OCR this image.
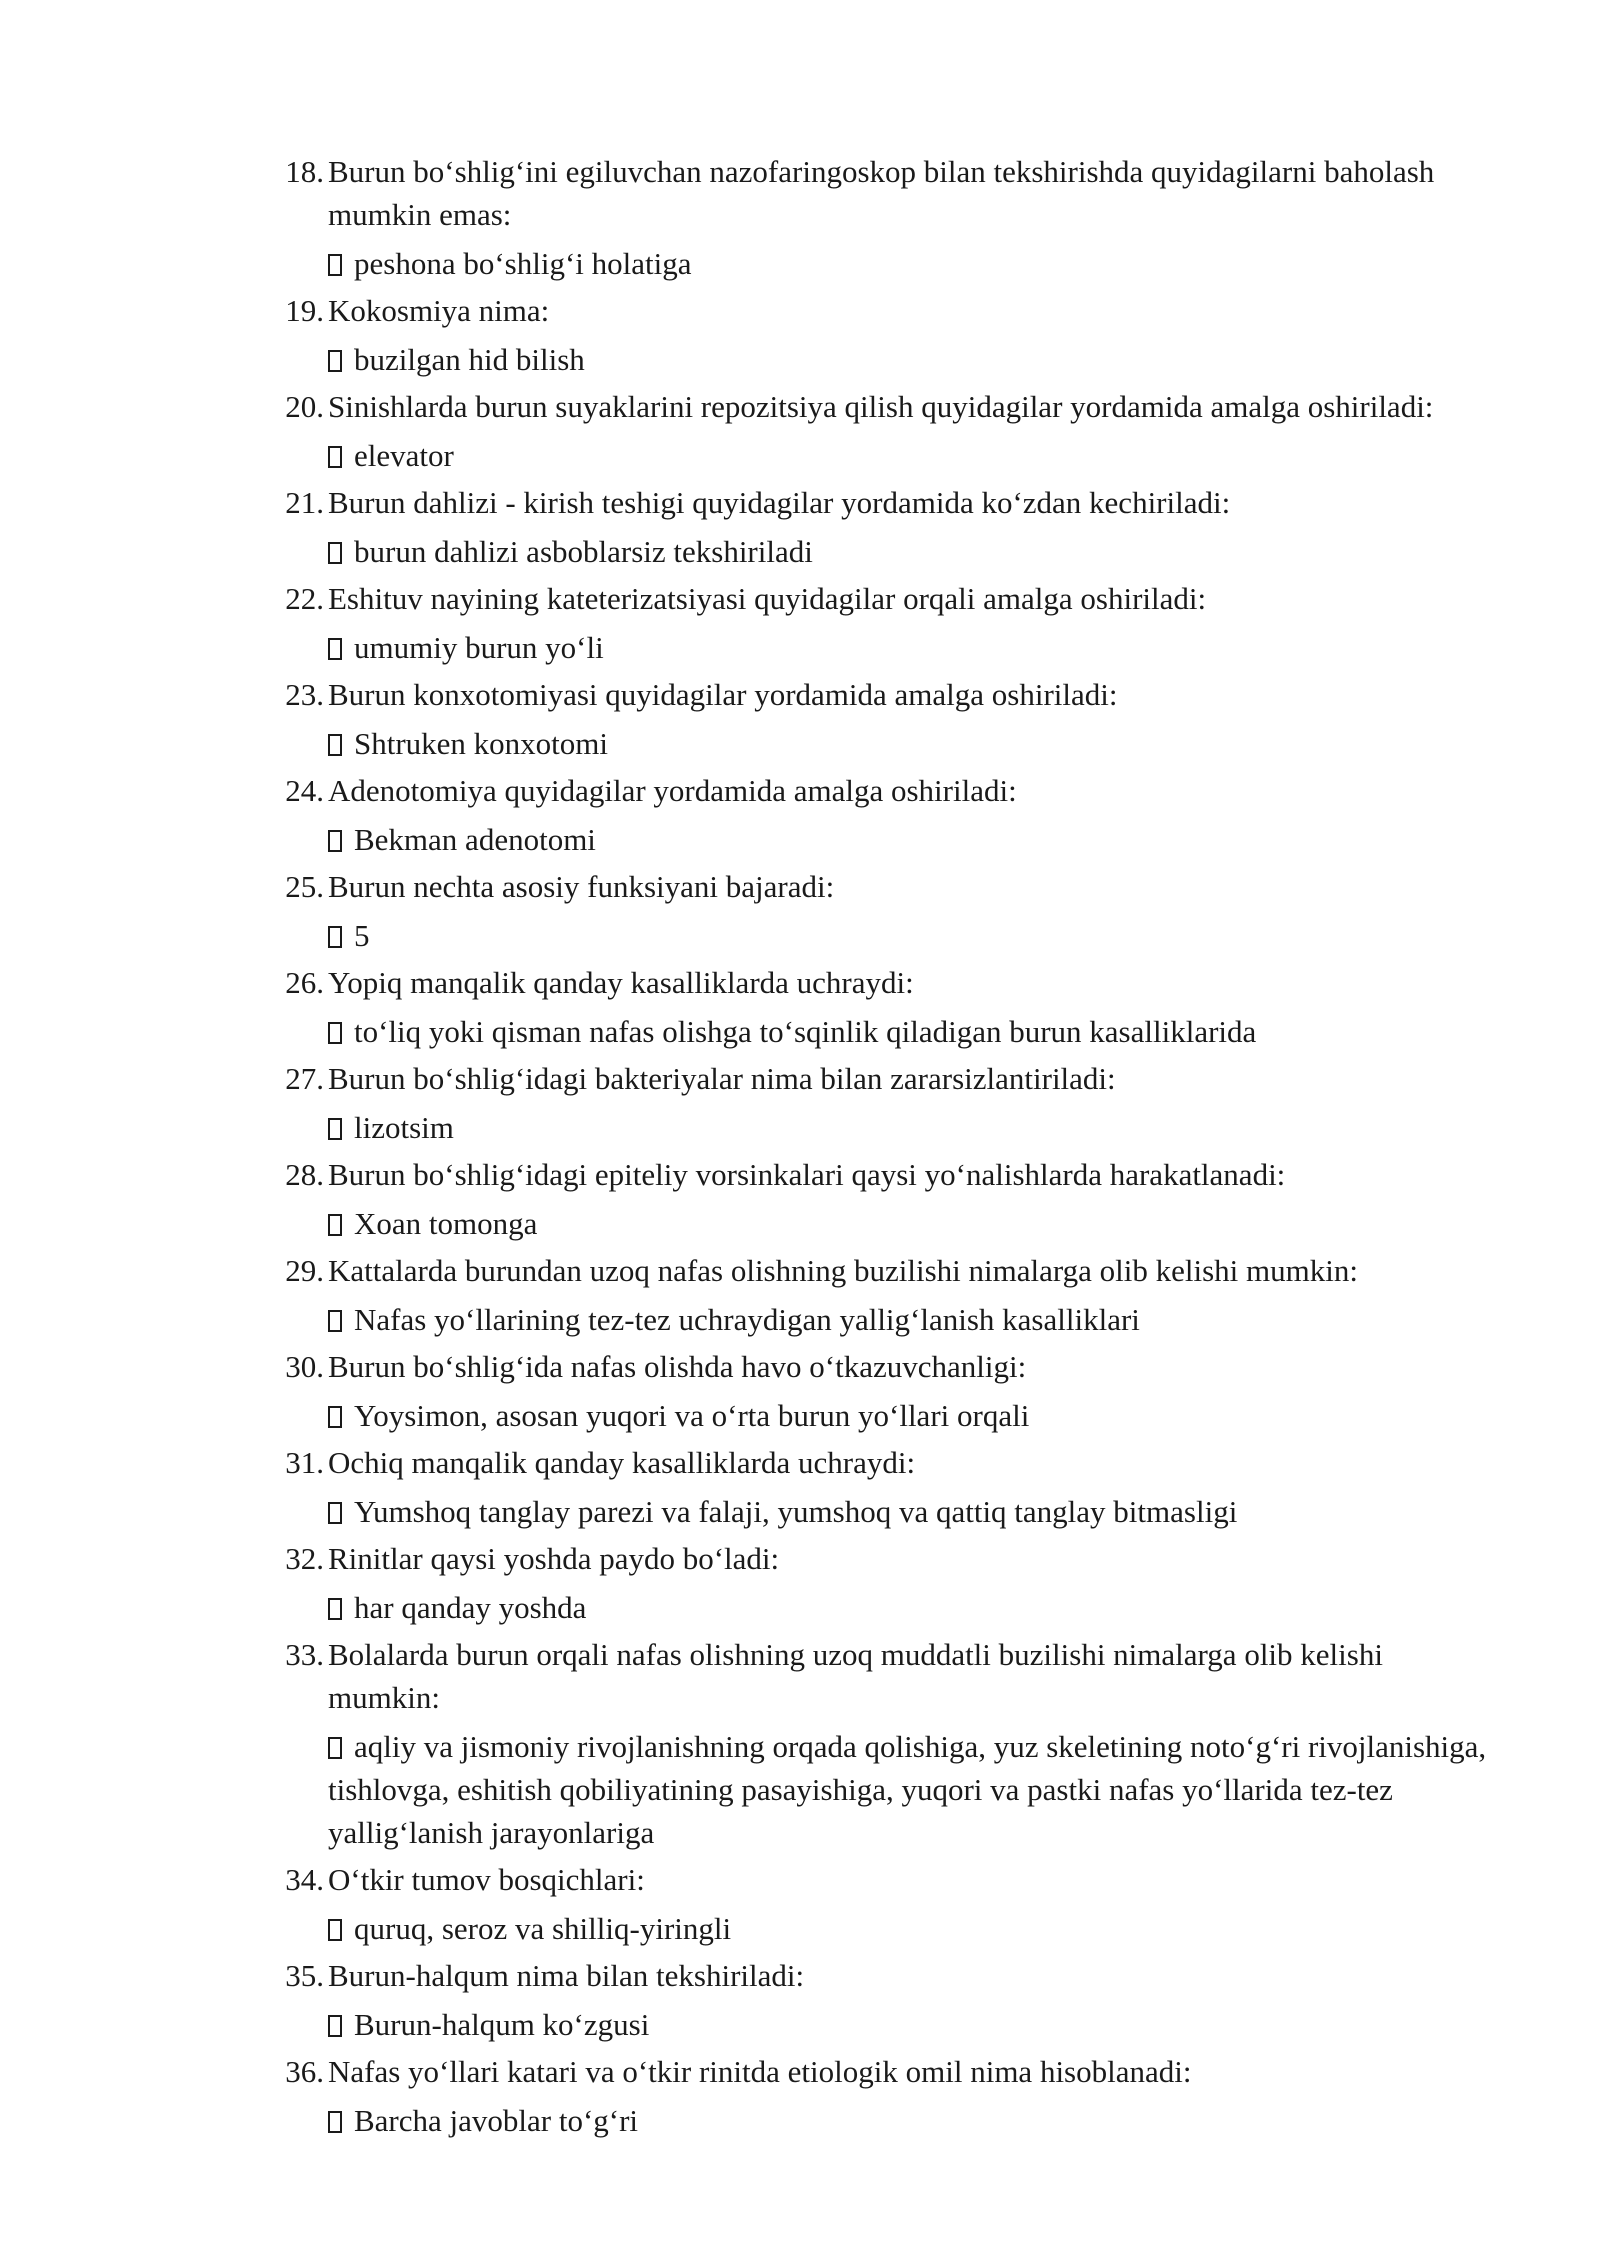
18. Burun bo‘shlig‘ini egiluvchan nazofaringoskop bilan tekshirishda quyidagilarni baholash mumkin emas:
peshona bo‘shlig‘i holatiga
19. Kokosmiya nima:
buzilgan hid bilish
20. Sinishlarda burun suyaklarini repozitsiya qilish quyidagilar yordamida amalga oshiriladi:
elevator
21. Burun dahlizi - kirish teshigi quyidagilar yordamida ko‘zdan kechiriladi:
burun dahlizi asboblarsiz tekshiriladi
22. Eshituv nayining kateterizatsiyasi quyidagilar orqali amalga oshiriladi:
umumiy burun yo‘li
23. Burun konxotomiyasi quyidagilar yordamida amalga oshiriladi:
Shtruken konxotomi
24. Adenotomiya quyidagilar yordamida amalga oshiriladi:
Bekman adenotomi
25. Burun nechta asosiy funksiyani bajaradi:
5
26. Yopiq manqalik qanday kasalliklarda uchraydi:
to‘liq yoki qisman nafas olishga to‘sqinlik qiladigan burun kasalliklarida
27. Burun bo‘shlig‘idagi bakteriyalar nima bilan zararsizlantiriladi:
lizotsim
28. Burun bo‘shlig‘idagi epiteliy vorsinkalari qaysi yo‘nalishlarda harakatlanadi:
Xoan tomonga
29. Kattalarda burundan uzoq nafas olishning buzilishi nimalarga olib kelishi mumkin:
Nafas yo‘llarining tez-tez uchraydigan yallig‘lanish kasalliklari
30. Burun bo‘shlig‘ida nafas olishda havo o‘tkazuvchanligi:
Yoysimon, asosan yuqori va o‘rta burun yo‘llari orqali
31. Ochiq manqalik qanday kasalliklarda uchraydi:
Yumshoq tanglay parezi va falaji, yumshoq va qattiq tanglay bitmasligi
32. Rinitlar qaysi yoshda paydo bo‘ladi:
har qanday yoshda
33. Bolalarda burun orqali nafas olishning uzoq muddatli buzilishi nimalarga olib kelishi mumkin:
aqliy va jismoniy rivojlanishning orqada qolishiga, yuz skeletining noto‘g‘ri rivojlanishiga, tishlovga, eshitish qobiliyatining pasayishiga, yuqori va pastki nafas yo‘llarida tez-tez yallig‘lanish jarayonlariga
34. O‘tkir tumov bosqichlari:
quruq, seroz va shilliq-yiringli
35. Burun-halqum nima bilan tekshiriladi:
Burun-halqum ko‘zgusi
36. Nafas yo‘llari katari va o‘tkir rinitda etiologik omil nima hisoblanadi:
Barcha javoblar to‘g‘ri
